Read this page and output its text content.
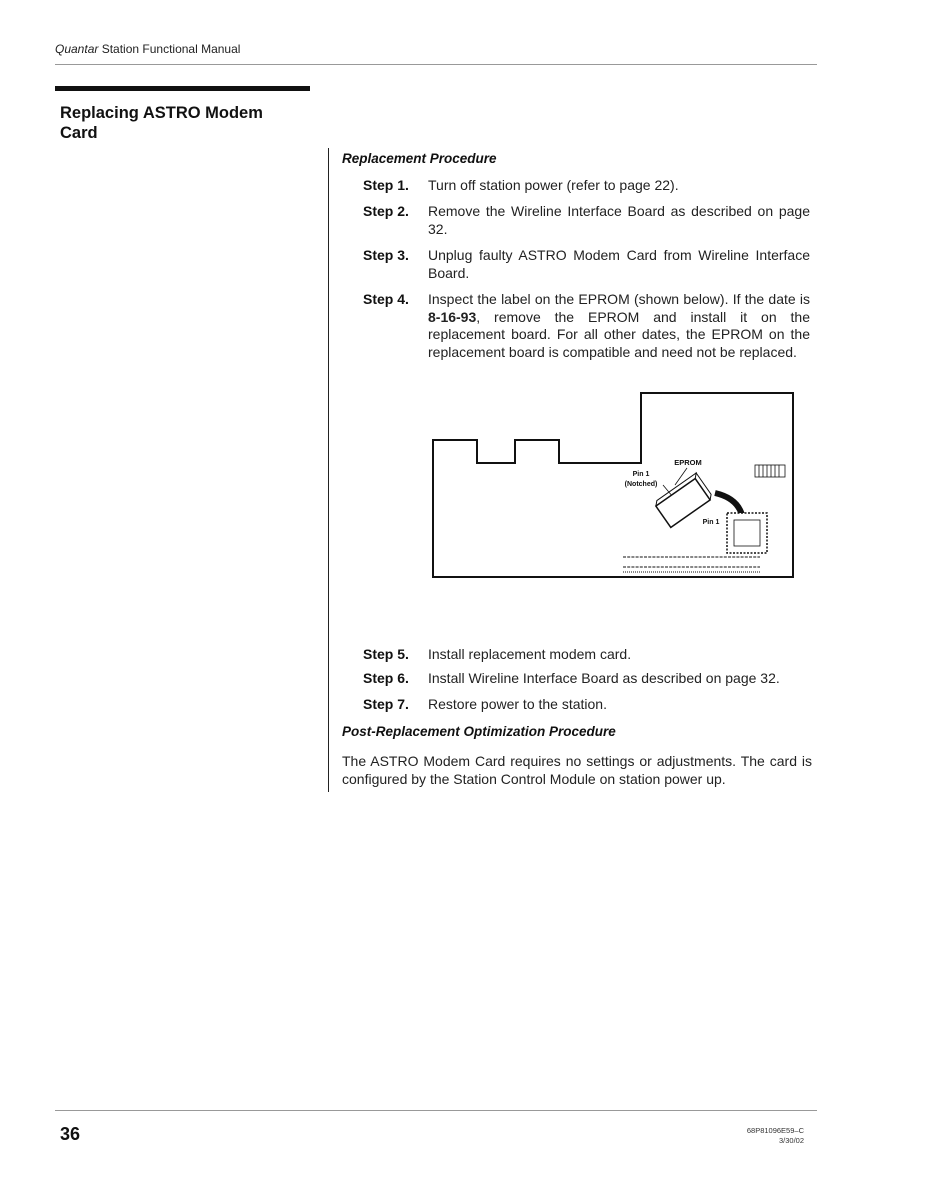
Quantar Station Functional Manual
Replacing ASTRO Modem Card
Replacement Procedure
Step 1. Turn off station power (refer to page 22).
Step 2. Remove the Wireline Interface Board as described on page 32.
Step 3. Unplug faulty ASTRO Modem Card from Wireline Interface Board.
Step 4. Inspect the label on the EPROM (shown below). If the date is 8-16-93, remove the EPROM and install it on the replacement board. For all other dates, the EPROM on the replacement board is compatible and need not be replaced.
EPROM
Pin 1
(Notched)
Pin 1
Step 5. Install replacement modem card.
Step 6. Install Wireline Interface Board as described on page 32.
Step 7. Restore power to the station.
Post-Replacement Optimization Procedure
The ASTRO Modem Card requires no settings or adjustments. The card is configured by the Station Control Module on station power up.
36	68P81096E59–C
3/30/02
